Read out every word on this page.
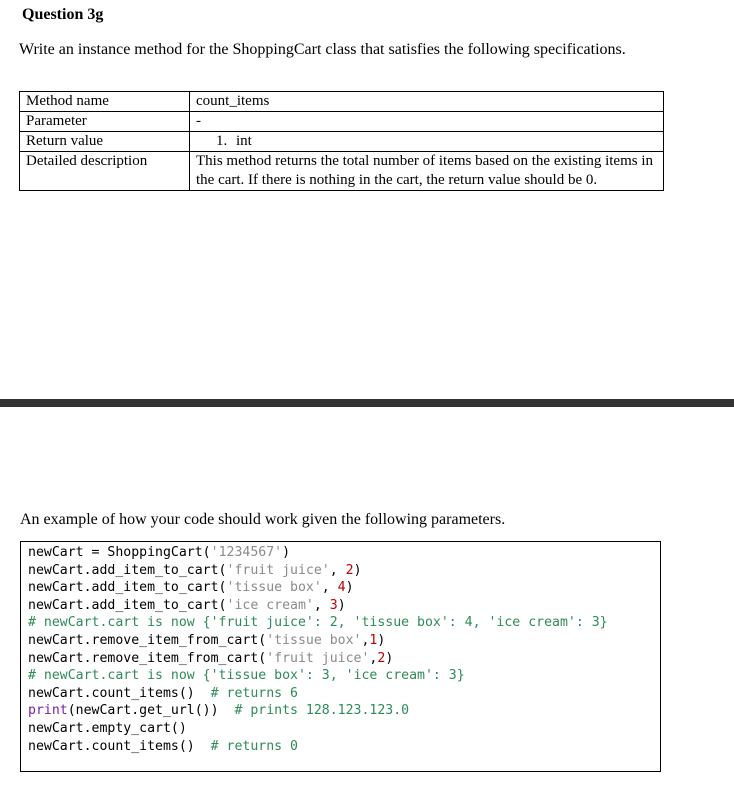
Question 3g
Write an instance method for the ShoppingCart class that satisfies the following specifications.
Method name	count_items
Parameter	-
Return value	1. int
Detailed description	This method returns the total number of items based on the existing items in the cart. If there is nothing in the cart, the return value should be 0.
An example of how your code should work given the following parameters.
newCart = ShoppingCart('1234567')
newCart.add_item_to_cart('fruit juice', 2)
newCart.add_item_to_cart('tissue box', 4)
newCart.add_item_to_cart('ice cream', 3)
# newCart.cart is now {'fruit juice': 2, 'tissue box': 4, 'ice cream': 3}
newCart.remove_item_from_cart('tissue box',1)
newCart.remove_item_from_cart('fruit juice',2)
# newCart.cart is now {'tissue box': 3, 'ice cream': 3}
newCart.count_items()  # returns 6
print(newCart.get_url())  # prints 128.123.123.0
newCart.empty_cart()
newCart.count_items()  # returns 0
